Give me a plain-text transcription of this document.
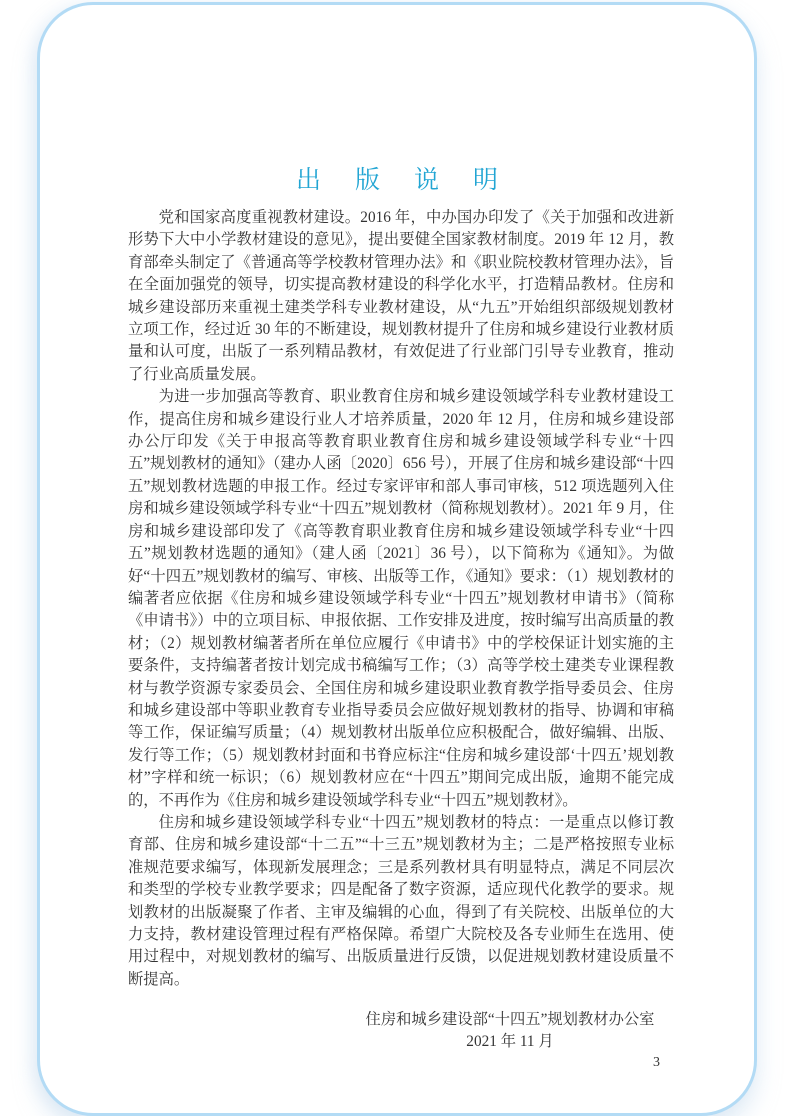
出版说明

党和国家高度重视教材建设。2016 年，中办国办印发了《关于加强和改进新形势下大中小学教材建设的意见》，提出要健全国家教材制度。2019 年 12 月，教育部牵头制定了《普通高等学校教材管理办法》和《职业院校教材管理办法》，旨在全面加强党的领导，切实提高教材建设的科学化水平，打造精品教材。住房和城乡建设部历来重视土建类学科专业教材建设，从“九五”开始组织部级规划教材立项工作，经过近 30 年的不断建设，规划教材提升了住房和城乡建设行业教材质量和认可度，出版了一系列精品教材，有效促进了行业部门引导专业教育，推动了行业高质量发展。

为进一步加强高等教育、职业教育住房和城乡建设领域学科专业教材建设工作，提高住房和城乡建设行业人才培养质量，2020 年 12 月，住房和城乡建设部办公厅印发《关于申报高等教育职业教育住房和城乡建设领域学科专业“十四五”规划教材的通知》（建办人函〔2020〕656 号），开展了住房和城乡建设部“十四五”规划教材选题的申报工作。经过专家评审和部人事司审核，512 项选题列入住房和城乡建设领域学科专业“十四五”规划教材（简称规划教材）。2021 年 9 月，住房和城乡建设部印发了《高等教育职业教育住房和城乡建设领域学科专业“十四五”规划教材选题的通知》（建人函〔2021〕36 号），以下简称为《通知》。为做好“十四五”规划教材的编写、审核、出版等工作，《通知》要求：（1）规划教材的编著者应依据《住房和城乡建设领域学科专业“十四五”规划教材申请书》（简称《申请书》）中的立项目标、申报依据、工作安排及进度，按时编写出高质量的教材；（2）规划教材编著者所在单位应履行《申请书》中的学校保证计划实施的主要条件，支持编著者按计划完成书稿编写工作；（3）高等学校土建类专业课程教材与教学资源专家委员会、全国住房和城乡建设职业教育教学指导委员会、住房和城乡建设部中等职业教育专业指导委员会应做好规划教材的指导、协调和审稿等工作，保证编写质量；（4）规划教材出版单位应积极配合，做好编辑、出版、发行等工作；（5）规划教材封面和书脊应标注“住房和城乡建设部‘十四五’规划教材”字样和统一标识；（6）规划教材应在“十四五”期间完成出版，逾期不能完成的，不再作为《住房和城乡建设领域学科专业“十四五”规划教材》。

住房和城乡建设领域学科专业“十四五”规划教材的特点：一是重点以修订教育部、住房和城乡建设部“十二五”“十三五”规划教材为主；二是严格按照专业标准规范要求编写，体现新发展理念；三是系列教材具有明显特点，满足不同层次和类型的学校专业教学要求；四是配备了数字资源，适应现代化教学的要求。规划教材的出版凝聚了作者、主审及编辑的心血，得到了有关院校、出版单位的大力支持，教材建设管理过程有严格保障。希望广大院校及各专业师生在选用、使用过程中，对规划教材的编写、出版质量进行反馈，以促进规划教材建设质量不断提高。

住房和城乡建设部“十四五”规划教材办公室
2021 年 11 月
3
